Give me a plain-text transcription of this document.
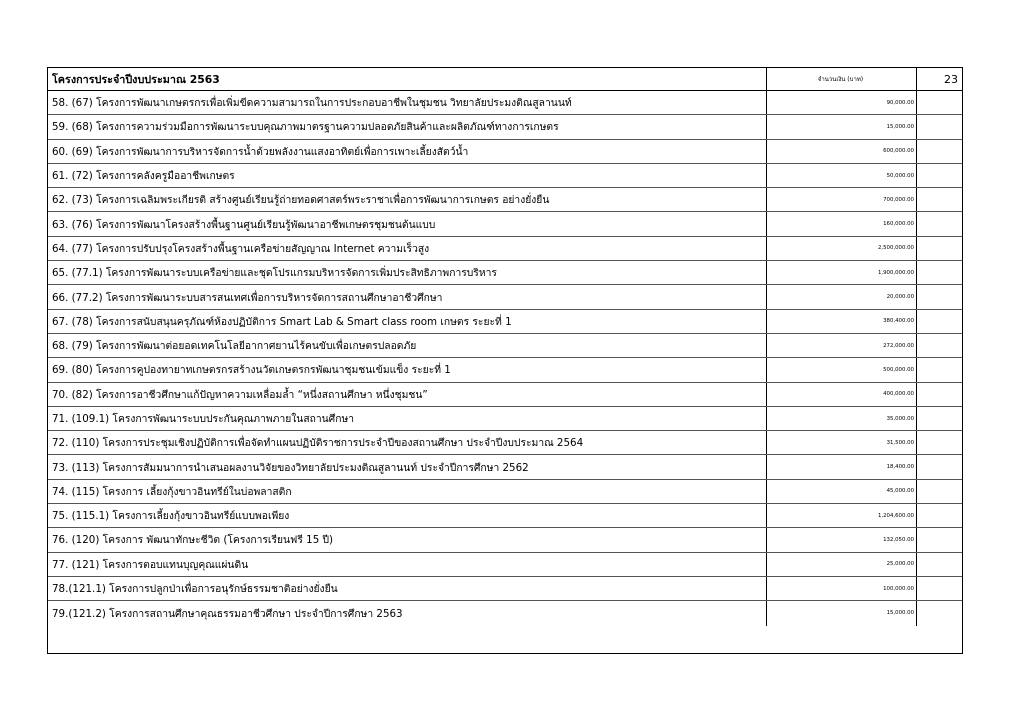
โครงการประจำปีงบประมาณ 2563	จำนวนเงิน (บาท)	23
58. (67) โครงการพัฒนาเกษตรกรเพื่อเพิ่มขีดความสามารถในการประกอบอาชีพในชุมชน วิทยาลัยประมงติณสูลานนท์	90,000.00
59. (68) โครงการความร่วมมือการพัฒนาระบบคุณภาพมาตรฐานความปลอดภัยสินค้าและผลิตภัณฑ์ทางการเกษตร	15,000.00
60. (69) โครงการพัฒนาการบริหารจัดการน้ำด้วยพลังงานแสงอาทิตย์เพื่อการเพาะเลี้ยงสัตว์น้ำ	600,000.00
61. (72) โครงการคลังครูมืออาชีพเกษตร	50,000.00
62. (73) โครงการเฉลิมพระเกียรติ สร้างศูนย์เรียนรู้ถ่ายทอดศาสตร์พระราชาเพื่อการพัฒนาการเกษตร อย่างยั่งยืน	700,000.00
63. (76) โครงการพัฒนาโครงสร้างพื้นฐานศูนย์เรียนรู้พัฒนาอาชีพเกษตรชุมชนต้นแบบ	160,000.00
64. (77) โครงการปรับปรุงโครงสร้างพื้นฐานเครือข่ายสัญญาณ Internet ความเร็วสูง	2,500,000.00
65. (77.1) โครงการพัฒนาระบบเครือข่ายและชุดโปรแกรมบริหารจัดการเพิ่มประสิทธิภาพการบริหาร	1,900,000.00
66. (77.2) โครงการพัฒนาระบบสารสนเทศเพื่อการบริหารจัดการสถานศึกษาอาชีวศึกษา	20,000.00
67. (78) โครงการสนับสนุนครุภัณฑ์ห้องปฏิบัติการ Smart Lab & Smart class room เกษตร ระยะที่ 1	380,400.00
68. (79) โครงการพัฒนาต่อยอดเทคโนโลยีอากาศยานไร้คนขับเพื่อเกษตรปลอดภัย	272,000.00
69. (80) โครงการคูปองทายาทเกษตรกรสร้างนวัตเกษตรกรพัฒนาชุมชนเข้มแข็ง ระยะที่ 1	500,000.00
70. (82) โครงการอาชีวศึกษาแก้ปัญหาความเหลื่อมล้ำ “หนึ่งสถานศึกษา หนึ่งชุมชน”	400,000.00
71. (109.1) โครงการพัฒนาระบบประกันคุณภาพภายในสถานศึกษา	35,000.00
72. (110) โครงการประชุมเชิงปฏิบัติการเพื่อจัดทำแผนปฏิบัติราชการประจำปีของสถานศึกษา ประจำปีงบประมาณ 2564	31,500.00
73. (113) โครงการสัมมนาการนำเสนอผลงานวิจัยของวิทยาลัยประมงติณสูลานนท์ ประจำปีการศึกษา 2562	18,400.00
74. (115) โครงการ เลี้ยงกุ้งขาวอินทรีย์ในบ่อพลาสติก	45,000.00
75. (115.1) โครงการเลี้ยงกุ้งขาวอินทรีย์แบบพอเพียง	1,204,600.00
76. (120) โครงการ พัฒนาทักษะชีวิต (โครงการเรียนฟรี 15 ปี)	132,050.00
77. (121) โครงการตอบแทนบุญคุณแผ่นดิน	25,000.00
78.(121.1) โครงการปลูกป่าเพื่อการอนุรักษ์ธรรมชาติอย่างยั่งยืน	100,000.00
79.(121.2) โครงการสถานศึกษาคุณธรรมอาชีวศึกษา ประจำปีการศึกษา 2563	15,000.00
